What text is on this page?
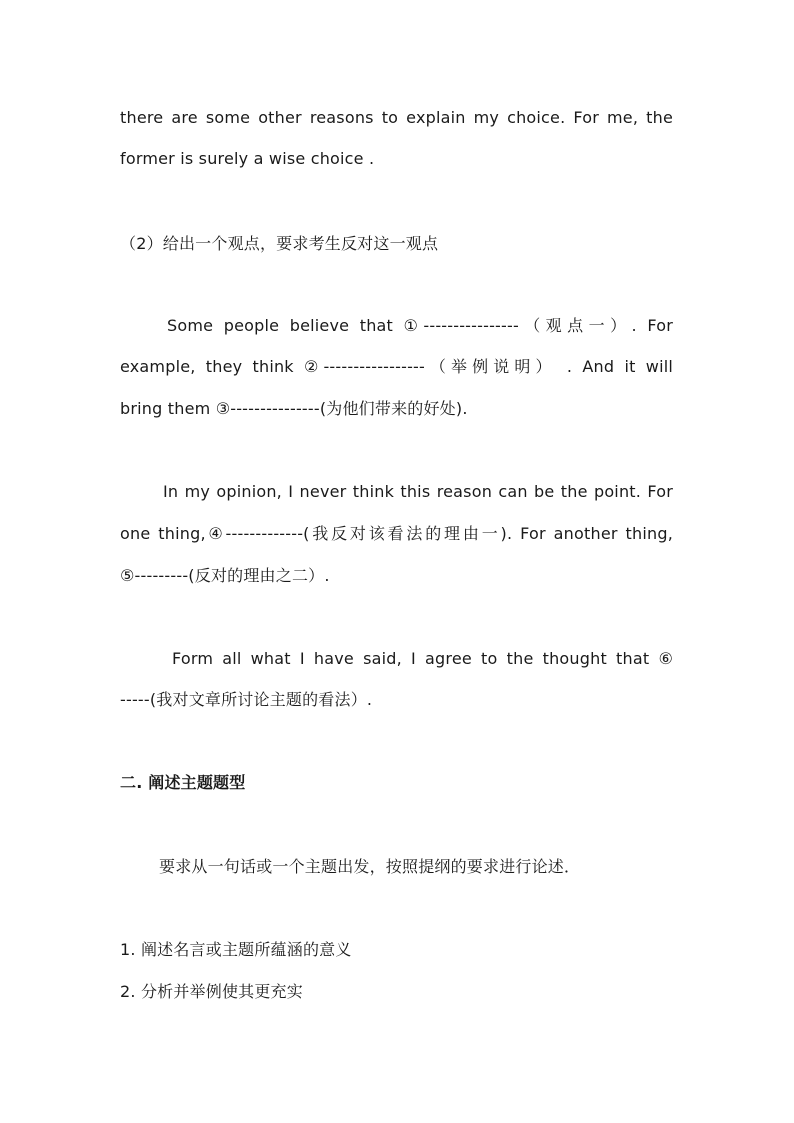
there are some other reasons to explain my choice. For me, the
former is surely a wise choice .
（2）给出一个观点，要求考生反对这一观点
Some people believe that ①----------------（观点一）. For
example, they think ②-----------------（举例说明） . And it will
bring them ③---------------(为他们带来的好处).
In my opinion, I never think this reason can be the point. For
one thing,④-------------(我反对该看法的理由一). For another thing,
⑤---------(反对的理由之二）.
Form all what I have said, I agree to the thought that ⑥
-----(我对文章所讨论主题的看法）.
二. 阐述主题题型
要求从一句话或一个主题出发，按照提纲的要求进行论述．
1. 阐述名言或主题所蕴涵的意义
2. 分析并举例使其更充实
